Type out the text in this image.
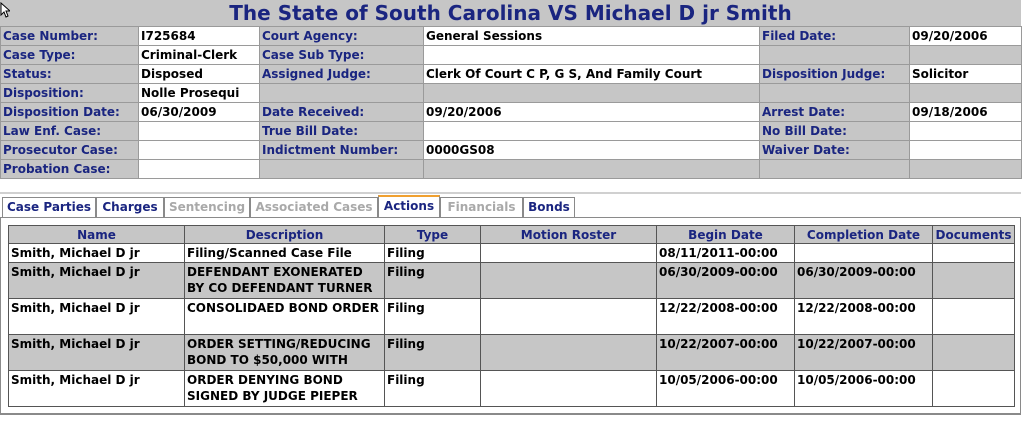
The State of South Carolina VS Michael D jr Smith
Case Number:	I725684	Court Agency:	General Sessions	Filed Date:	09/20/2006
Case Type:	Criminal-Clerk	Case Sub Type:			
Status:	Disposed	Assigned Judge:	Clerk Of Court C P, G S, And Family Court	Disposition Judge:	Solicitor
Disposition:	Nolle Prosequi				
Disposition Date:	06/30/2009	Date Received:	09/20/2006	Arrest Date:	09/18/2006
Law Enf. Case:		True Bill Date:		No Bill Date:	
Prosecutor Case:		Indictment Number:	0000GS08	Waiver Date:	
Probation Case:					
Case Parties Charges Sentencing Associated Cases Actions	Financials	Bonds
Name	Description	Type	Motion Roster	Begin Date	Completion Date	Documents
Smith, Michael D jr	Filing/Scanned Case File	Filing		08/11/2011-00:00		
Smith, Michael D jr	DEFENDANT EXONERATED BY CO DEFENDANT TURNER	Filing		06/30/2009-00:00	06/30/2009-00:00	
Smith, Michael D jr	CONSOLIDAED BOND ORDER	Filing		12/22/2008-00:00	12/22/2008-00:00	
Smith, Michael D jr	ORDER SETTING/REDUCING BOND TO $50,000 WITH	Filing		10/22/2007-00:00	10/22/2007-00:00	
Smith, Michael D jr	ORDER DENYING BOND SIGNED BY JUDGE PIEPER	Filing		10/05/2006-00:00	10/05/2006-00:00	
